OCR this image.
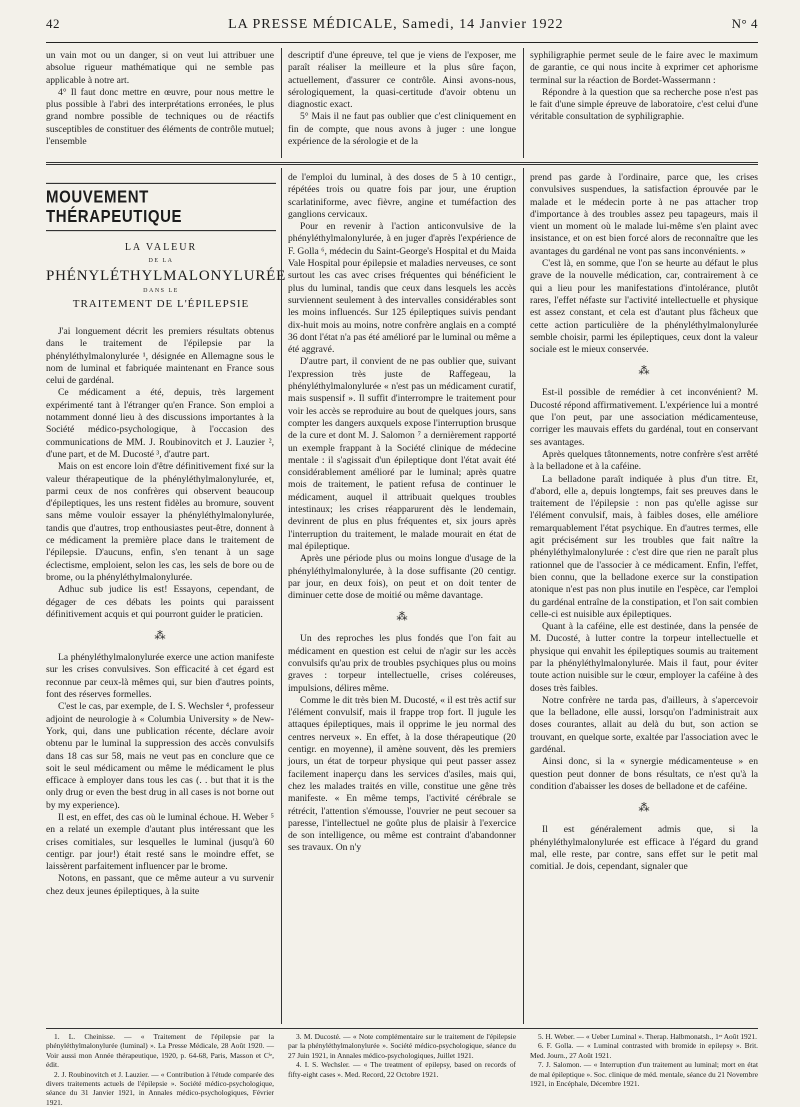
42	LA PRESSE MÉDICALE, Samedi, 14 Janvier 1922	N° 4

un vain mot ou un danger, si on veut lui attribuer une absolue rigueur mathématique qui ne semble pas applicable à notre art.

4° Il faut donc mettre en œuvre, pour nous mettre le plus possible à l'abri des interprétations erronées, le plus grand nombre possible de techniques ou de réactifs susceptibles de constituer des éléments de contrôle mutuel; l'ensemble

descriptif d'une épreuve, tel que je viens de l'exposer, me paraît réaliser la meilleure et la plus sûre façon, actuellement, d'assurer ce contrôle. Ainsi avons-nous, sérologiquement, la quasi-certitude d'avoir obtenu un diagnostic exact.

5° Mais il ne faut pas oublier que c'est cliniquement en fin de compte, que nous avons à juger : une longue expérience de la sérologie et de la

syphiligraphie permet seule de le faire avec le maximum de garantie, ce qui nous incite à exprimer cet aphorisme terminal sur la réaction de Bordet-Wassermann :

Répondre à la question que sa recherche pose n'est pas le fait d'une simple épreuve de laboratoire, c'est celui d'une véritable consultation de syphiligraphie.

MOUVEMENT THÉRAPEUTIQUE
LA VALEUR
DE LA
PHÉNYLÉTHYLMALONYLURÉE
DANS LE
TRAITEMENT DE L'ÉPILEPSIE

J'ai longuement décrit les premiers résultats obtenus dans le traitement de l'épilepsie par la phényléthylmalonylurée ¹, désignée en Allemagne sous le nom de luminal et fabriquée maintenant en France sous celui de gardénal.

Ce médicament a été, depuis, très largement expérimenté tant à l'étranger qu'en France. Son emploi a notamment donné lieu à des discussions importantes à la Société médico-psychologique, à l'occasion des communications de MM. J. Roubinovitch et J. Lauzier ², d'une part, et de M. Ducosté ³, d'autre part.

Mais on est encore loin d'être définitivement fixé sur la valeur thérapeutique de la phényléthylmalonylurée, et, parmi ceux de nos confrères qui observent beaucoup d'épileptiques, les uns restent fidèles au bromure, souvent sans même vouloir essayer la phényléthylmalonylurée, tandis que d'autres, trop enthousiastes peut-être, donnent à ce médicament la première place dans le traitement de l'épilepsie. D'aucuns, enfin, s'en tenant à un sage éclectisme, emploient, selon les cas, les sels de bore ou de brome, ou la phényléthylmalonylurée.

Adhuc sub judice lis est! Essayons, cependant, de dégager de ces débats les points qui paraissent définitivement acquis et qui pourront guider le praticien.

⁂

La phényléthylmalonylurée exerce une action manifeste sur les crises convulsives. Son efficacité à cet égard est reconnue par ceux-là mêmes qui, sur bien d'autres points, font des réserves formelles.

C'est le cas, par exemple, de I. S. Wechsler ⁴, professeur adjoint de neurologie à « Columbia University » de New-York, qui, dans une publication récente, déclare avoir obtenu par le luminal la suppression des accès convulsifs dans 18 cas sur 58, mais ne veut pas en conclure que ce soit le seul médicament ou même le médicament le plus efficace à employer dans tous les cas (. . but that it is the only drug or even the best drug in all cases is not borne out by my experience).

Il est, en effet, des cas où le luminal échoue. H. Weber ⁵ en a relaté un exemple d'autant plus intéressant que les crises comitiales, sur lesquelles le luminal (jusqu'à 60 centigr. par jour!) était resté sans le moindre effet, se laissèrent parfaitement influencer par le brome.

Notons, en passant, que ce même auteur a vu survenir chez deux jeunes épileptiques, à la suite

de l'emploi du luminal, à des doses de 5 à 10 centigr., répétées trois ou quatre fois par jour, une éruption scarlatiniforme, avec fièvre, angine et tuméfaction des ganglions cervicaux.

Pour en revenir à l'action anticonvulsive de la phényléthylmalonylurée, à en juger d'après l'expérience de F. Golla ⁶, médecin du Saint-George's Hospital et du Maida Vale Hospital pour épilepsie et maladies nerveuses, ce sont surtout les cas avec crises fréquentes qui bénéficient le plus du luminal, tandis que ceux dans lesquels les accès surviennent seulement à des intervalles considérables sont les moins influencés. Sur 125 épileptiques suivis pendant dix-huit mois au moins, notre confrère anglais en a compté 36 dont l'état n'a pas été amélioré par le luminal ou même a été aggravé.

D'autre part, il convient de ne pas oublier que, suivant l'expression très juste de Raffegeau, la phényléthylmalonylurée « n'est pas un médicament curatif, mais suspensif ». Il suffit d'interrompre le traitement pour voir les accès se reproduire au bout de quelques jours, sans compter les dangers auxquels expose l'interruption brusque de la cure et dont M. J. Salomon ⁷ a dernièrement rapporté un exemple frappant à la Société clinique de médecine mentale : il s'agissait d'un épileptique dont l'état avait été considérablement amélioré par le luminal; après quatre mois de traitement, le patient refusa de continuer le médicament, auquel il attribuait quelques troubles intestinaux; les crises réapparurent dès le lendemain, devinrent de plus en plus fréquentes et, six jours après l'interruption du traitement, le malade mourait en état de mal épileptique.

Après une période plus ou moins longue d'usage de la phényléthylmalonylurée, à la dose suffisante (20 centigr. par jour, en deux fois), on peut et on doit tenter de diminuer cette dose de moitié ou même davantage.

⁂

Un des reproches les plus fondés que l'on fait au médicament en question est celui de n'agir sur les accès convulsifs qu'au prix de troubles psychiques plus ou moins graves : torpeur intellectuelle, crises coléreuses, impulsions, délires même.

Comme le dit très bien M. Ducosté, « il est très actif sur l'élément convulsif, mais il frappe trop fort. Il jugule les attaques épileptiques, mais il opprime le jeu normal des centres nerveux ». En effet, à la dose thérapeutique (20 centigr. en moyenne), il amène souvent, dès les premiers jours, un état de torpeur physique qui peut passer assez facilement inaperçu dans les services d'asiles, mais qui, chez les malades traités en ville, constitue une gêne très manifeste. « En même temps, l'activité cérébrale se rétrécit, l'attention s'émousse, l'ouvrier ne peut secouer sa paresse, l'intellectuel ne goûte plus de plaisir à l'exercice de son intelligence, ou même est contraint d'abandonner ses travaux. On n'y

prend pas garde à l'ordinaire, parce que, les crises convulsives suspendues, la satisfaction éprouvée par le malade et le médecin porte à ne pas attacher trop d'importance à des troubles assez peu tapageurs, mais il vient un moment où le malade lui-même s'en plaint avec insistance, et on est bien forcé alors de reconnaître que les avantages du gardénal ne vont pas sans inconvénients. »

C'est là, en somme, que l'on se heurte au défaut le plus grave de la nouvelle médication, car, contrairement à ce qui a lieu pour les manifestations d'intolérance, plutôt rares, l'effet néfaste sur l'activité intellectuelle et physique est assez constant, et cela est d'autant plus fâcheux que cette action particulière de la phényléthylmalonylurée semble choisir, parmi les épileptiques, ceux dont la valeur sociale est le mieux conservée.

⁂

Est-il possible de remédier à cet inconvénient? M. Ducosté répond affirmativement. L'expérience lui a montré que l'on peut, par une association médicamenteuse, corriger les mauvais effets du gardénal, tout en conservant ses avantages.

Après quelques tâtonnements, notre confrère s'est arrêté à la belladone et à la caféine.

La belladone paraît indiquée à plus d'un titre. Et, d'abord, elle a, depuis longtemps, fait ses preuves dans le traitement de l'épilepsie : non pas qu'elle agisse sur l'élément convulsif, mais, à faibles doses, elle améliore remarquablement l'état psychique. En d'autres termes, elle agit précisément sur les troubles que fait naître la phényléthylmalonylurée : c'est dire que rien ne paraît plus rationnel que de l'associer à ce médicament. Enfin, l'effet, bien connu, que la belladone exerce sur la constipation atonique n'est pas non plus inutile en l'espèce, car l'emploi du gardénal entraîne de la constipation, et l'on sait combien celle-ci est nuisible aux épileptiques.

Quant à la caféine, elle est destinée, dans la pensée de M. Ducosté, à lutter contre la torpeur intellectuelle et physique qui envahit les épileptiques soumis au traitement par la phényléthylmalonylurée. Mais il faut, pour éviter toute action nuisible sur le cœur, employer la caféine à des doses très faibles.

Notre confrère ne tarda pas, d'ailleurs, à s'apercevoir que la belladone, elle aussi, lorsqu'on l'administrait aux doses courantes, allait au delà du but, son action se trouvant, en quelque sorte, exaltée par l'association avec le gardénal.

Ainsi donc, si la « synergie médicamenteuse » en question peut donner de bons résultats, ce n'est qu'à la condition d'abaisser les doses de belladone et de caféine.

⁂

Il est généralement admis que, si la phényléthylmalonylurée est efficace à l'égard du grand mal, elle reste, par contre, sans effet sur le petit mal comitial. Je dois, cependant, signaler que

1. L. Cheinisse. — « Traitement de l'épilepsie par la phényléthylmalonylurée (luminal) ». La Presse Médicale, 28 Août 1920. — Voir aussi mon Année thérapeutique, 1920, p. 64-68, Paris, Masson et Cⁱᵉ, édit.

2. J. Roubinovitch et J. Lauzier. — « Contribution à l'étude comparée des divers traitements actuels de l'épilepsie ». Société médico-psychologique, séance du 31 Janvier 1921, in Annales médico-psychologiques, Février 1921.

3. M. Ducosté. — « Note complémentaire sur le traitement de l'épilepsie par la phényléthylmalonylurée ». Société médico-psychologique, séance du 27 Juin 1921, in Annales médico-psychologiques, Juillet 1921.

4. I. S. Wechsler. — « The treatment of epilepsy, based on records of fifty-eight cases ». Med. Record, 22 Octobre 1921.

5. H. Weber. — « Ueber Luminal ». Therap. Halbmonatsh., 1ᵉʳ Août 1921.

6. F. Golla. — « Luminal contrasted with bromide in epilepsy ». Brit. Med. Journ., 27 Août 1921.

7. J. Salomon. — « Interruption d'un traitement au luminal; mort en état de mal épileptique ». Soc. clinique de méd. mentale, séance du 21 Novembre 1921, in Encéphale, Décembre 1921.
